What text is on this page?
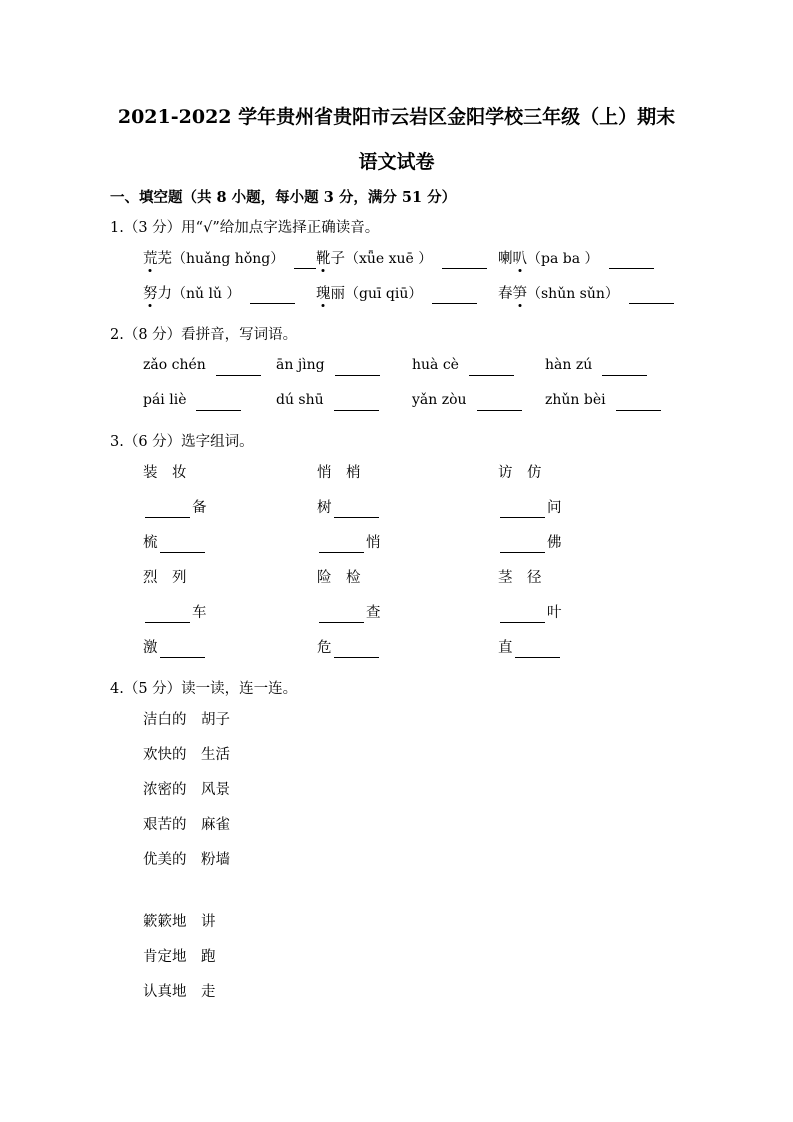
2021-2022 学年贵州省贵阳市云岩区金阳学校三年级（上）期末
语文试卷
一、填空题（共 8 小题，每小题 3 分，满分 51 分）
1.（3 分）用“√”给加点字选择正确读音。
荒 芜 （huǎng hǒng） 靴 子 （xǖe xuē ）	喇 叭 （pa ba ）
努 力 （nǔ lǔ ）	瑰 丽 （guī qiū）	春 笋 （shǔn sǔn）
2.（8 分）看拼音，写词语。
zǎo chén	ān jìng	huà cè	hàn zú
pái liè	dú shū	yǎn zòu	zhǔn bèi
3.（6 分）选字组词。
装　妆	悄　梢	访　仿
备	树	问
梳	悄	佛
烈　列	险　检	茎　径
车	查	叶
激	危	直
4.（5 分）读一读，连一连。
洁白的	胡子
欢快的	生活
浓密的	风景
艰苦的	麻雀
优美的	粉墙
簌簌地	讲
肯定地	跑
认真地	走
